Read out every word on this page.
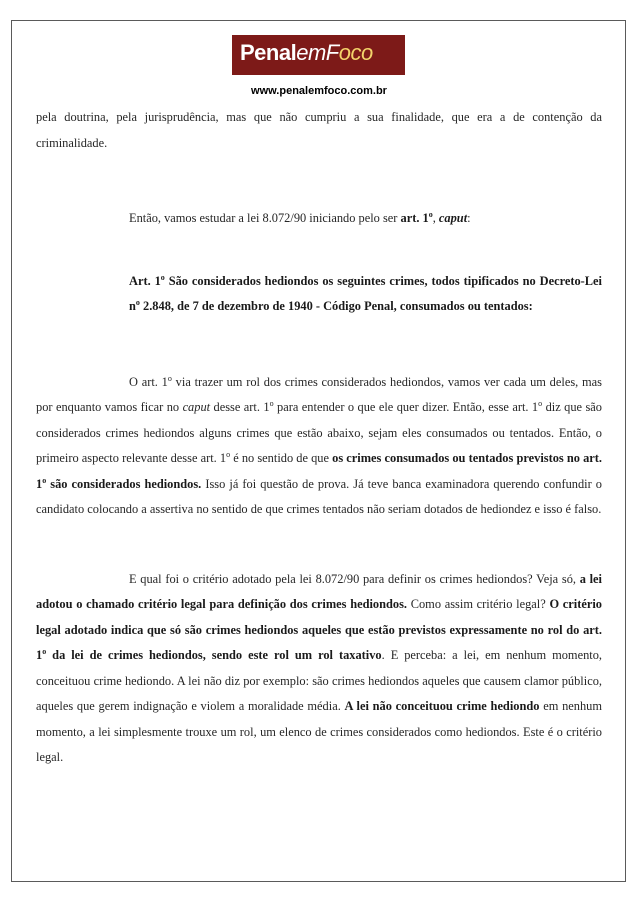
PenalemFoco
www.penalemfoco.com.br

pela doutrina, pela jurisprudência, mas que não cumpriu a sua finalidade, que era a de contenção da criminalidade.

Então, vamos estudar a lei 8.072/90 iniciando pelo ser art. 1$^o$, caput:

Art. 1$^o$ São considerados hediondos os seguintes crimes, todos tipificados no Decreto-Lei $n^o$ 2.848, de 7 de dezembro de 1940 - Código Penal, consumados ou tentados:

O art. 1$^o$ via trazer um rol dos crimes considerados hediondos, vamos ver cada um deles, mas por enquanto vamos ficar no caput desse art. 1$^o$ para entender o que ele quer dizer. Então, esse art. 1$^o$ diz que são considerados crimes hediondos alguns crimes que estão abaixo, sejam eles consumados ou tentados. Então, o primeiro aspecto relevante desse art. 1$^o$ é no sentido de que os crimes consumados ou tentados previstos no art. 1$^o$ são considerados hediondos. Isso já foi questão de prova. Já teve banca examinadora querendo confundir o candidato colocando a assertiva no sentido de que crimes tentados não seriam dotados de hediondez e isso é falso.

E qual foi o critério adotado pela lei 8.072/90 para definir os crimes hediondos? Veja só, a lei adotou o chamado critério legal para definição dos crimes hediondos. Como assim critério legal? O critério legal adotado indica que só são crimes hediondos aqueles que estão previstos expressamente no rol do art. 1$^o$ da lei de crimes hediondos, sendo este rol um rol taxativo. E perceba: a lei, em nenhum momento, conceituou crime hediondo. A lei não diz por exemplo: são crimes hediondos aqueles que causem clamor público, aqueles que gerem indignação e violem a moralidade média. A lei não conceituou crime hediondo em nenhum momento, a lei simplesmente trouxe um rol, um elenco de crimes considerados como hediondos. Este é o critério legal.
